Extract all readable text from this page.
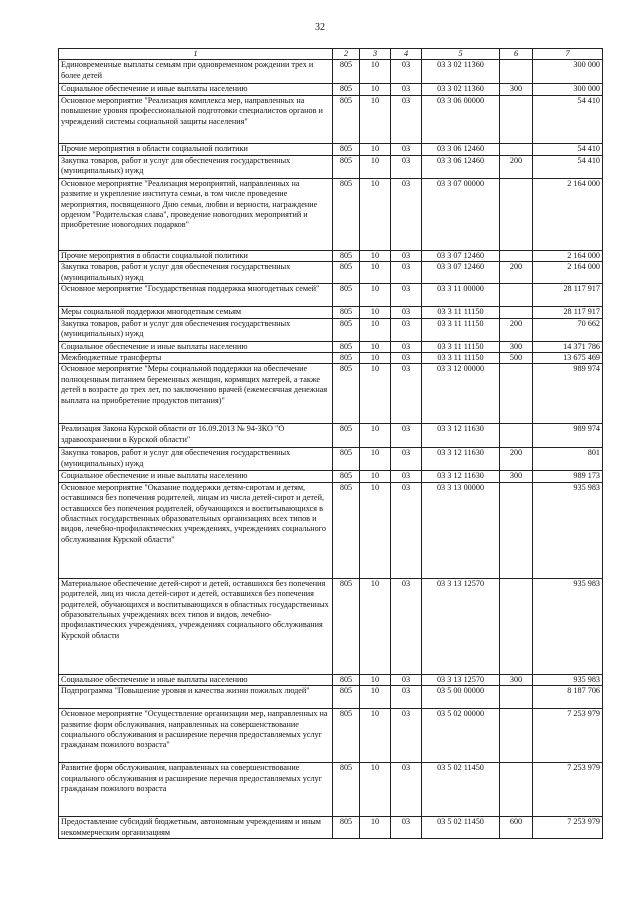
32
1	2	3	4	5	6	7
Единовременные выплаты семьям при одновременном рождении трех и более детей	805	10	03	03 3 02 11360		300 000
Социальное обеспечение и иные выплаты населению	805	10	03	03 3 02 11360	300	300 000
Основное мероприятие "Реализация комплекса мер, направленных на повышение уровня профессиональной подготовки специалистов органов и учреждений системы социальной защиты населения"	805	10	03	03 3 06 00000		54 410
Прочие мероприятия в области социальной политики	805	10	03	03 3 06 12460		54 410
Закупка товаров, работ и услуг для обеспечения государственных (муниципальных) нужд	805	10	03	03 3 06 12460	200	54 410
Основное мероприятие "Реализация мероприятий, направленных на развитие и укрепление института семьи, в том числе проведение мероприятия, посвященного Дню семьи, любви и верности, награждение орденом "Родительская слава", проведение новогодних мероприятий и приобретение новогодних подарков"	805	10	03	03 3 07 00000		2 164 000
Прочие мероприятия в области социальной политики	805	10	03	03 3 07 12460		2 164 000
Закупка товаров, работ и услуг для обеспечения государственных (муниципальных) нужд	805	10	03	03 3 07 12460	200	2 164 000
Основное мероприятие "Государственная поддержка многодетных семей"	805	10	03	03 3 11 00000		28 117 917
Меры социальной поддержки многодетным семьям	805	10	03	03 3 11 11150		28 117 917
Закупка товаров, работ и услуг для обеспечения государственных (муниципальных) нужд	805	10	03	03 3 11 11150	200	70 662
Социальное обеспечение и иные выплаты населению	805	10	03	03 3 11 11150	300	14 371 786
Межбюджетные трансферты	805	10	03	03 3 11 11150	500	13 675 469
Основное мероприятие "Меры социальной поддержки на обеспечение полноценным питанием беременных женщин, кормящих матерей, а также детей в возрасте до трех лет, по заключению врачей (ежемесячная денежная выплата на приобретение продуктов питания)"	805	10	03	03 3 12 00000		989 974
Реализация Закона Курской области от 16.09.2013 № 94-ЗКО "О здравоохранении в Курской области"	805	10	03	03 3 12 11630		989 974
Закупка товаров, работ и услуг для обеспечения государственных (муниципальных) нужд	805	10	03	03 3 12 11630	200	801
Социальное обеспечение и иные выплаты населению	805	10	03	03 3 12 11630	300	989 173
Основное мероприятие "Оказание поддержки детям-сиротам и детям, оставшимся без попечения родителей, лицам из числа детей-сирот и детей, оставшихся без попечения родителей, обучающихся и воспитывающихся в областных государственных образовательных организациях всех типов и видов, лечебно-профилактических учреждениях, учреждениях социального обслуживания Курской области"	805	10	03	03 3 13 00000		935 983
Материальное обеспечение детей-сирот и детей, оставшихся без попечения родителей, лиц из числа детей-сирот и детей, оставшихся без попечения родителей, обучающихся и воспитывающихся в областных государственных образовательных учреждениях всех типов и видов, лечебно-профилактических учреждениях, учреждениях социального обслуживания Курской области	805	10	03	03 3 13 12570		935 983
Социальное обеспечение и иные выплаты населению	805	10	03	03 3 13 12570	300	935 983
Подпрограмма "Повышение уровня и качества жизни пожилых людей"	805	10	03	03 5 00 00000		8 187 706
Основное мероприятие "Осуществление организации мер, направленных на развитие форм обслуживания, направленных на совершенствование социального обслуживания и расширение перечня предоставляемых услуг гражданам пожилого возраста"	805	10	03	03 5 02 00000		7 253 979
Развитие форм обслуживания, направленных на совершенствование социального обслуживания и расширение перечня предоставляемых услуг гражданам пожилого возраста	805	10	03	03 5 02 11450		7 253 979
Предоставление субсидий бюджетным, автономным учреждениям и иным некоммерческим организациям	805	10	03	03 5 02 11450	600	7 253 979
